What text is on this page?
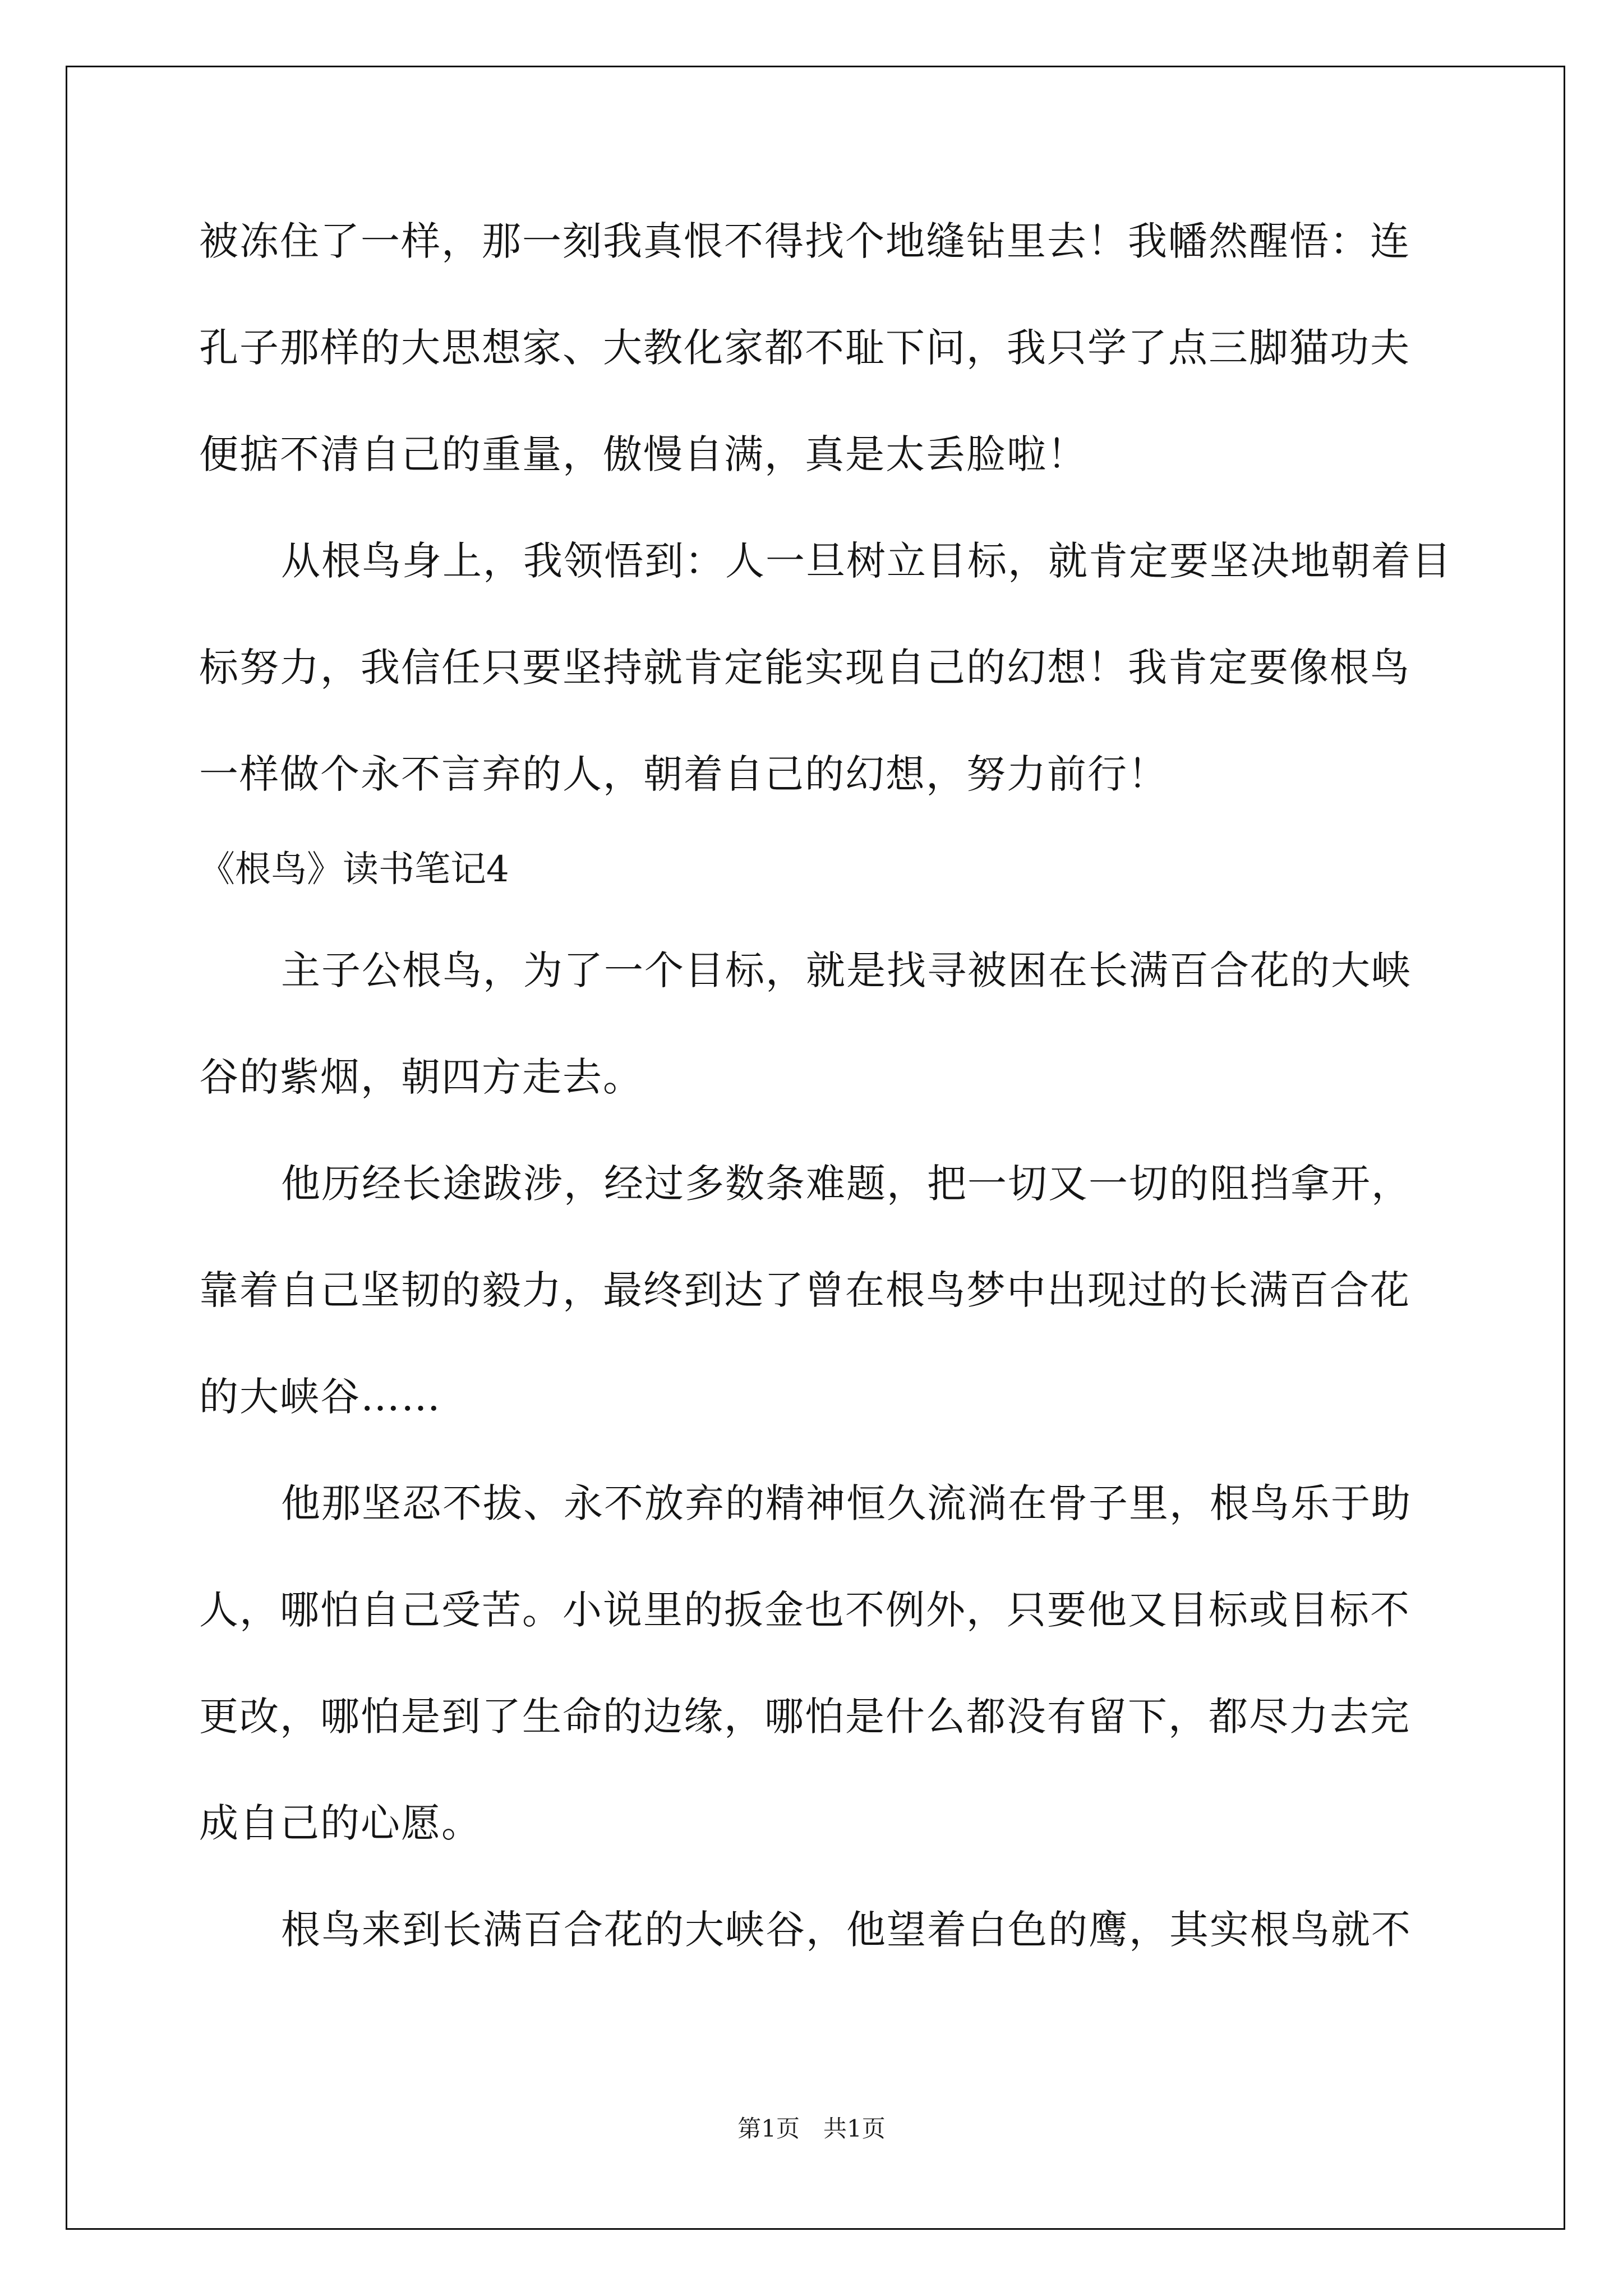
被冻住了一样，那一刻我真恨不得找个地缝钻里去！我幡然醒悟：连
孔子那样的大思想家、大教化家都不耻下问，我只学了点三脚猫功夫
便掂不清自己的重量，傲慢自满，真是太丢脸啦！
从根鸟身上，我领悟到：人一旦树立目标，就肯定要坚决地朝着目
标努力，我信任只要坚持就肯定能实现自己的幻想！我肯定要像根鸟
一样做个永不言弃的人，朝着自己的幻想，努力前行！
《根鸟》读书笔记4
主子公根鸟，为了一个目标，就是找寻被困在长满百合花的大峡
谷的紫烟，朝四方走去。
他历经长途跋涉，经过多数条难题，把一切又一切的阻挡拿开，
靠着自己坚韧的毅力，最终到达了曾在根鸟梦中出现过的长满百合花
的大峡谷……
他那坚忍不拔、永不放弃的精神恒久流淌在骨子里，根鸟乐于助
人，哪怕自己受苦。小说里的扳金也不例外，只要他又目标或目标不
更改，哪怕是到了生命的边缘，哪怕是什么都没有留下，都尽力去完
成自己的心愿。
根鸟来到长满百合花的大峡谷，他望着白色的鹰，其实根鸟就不
第1页　共1页
